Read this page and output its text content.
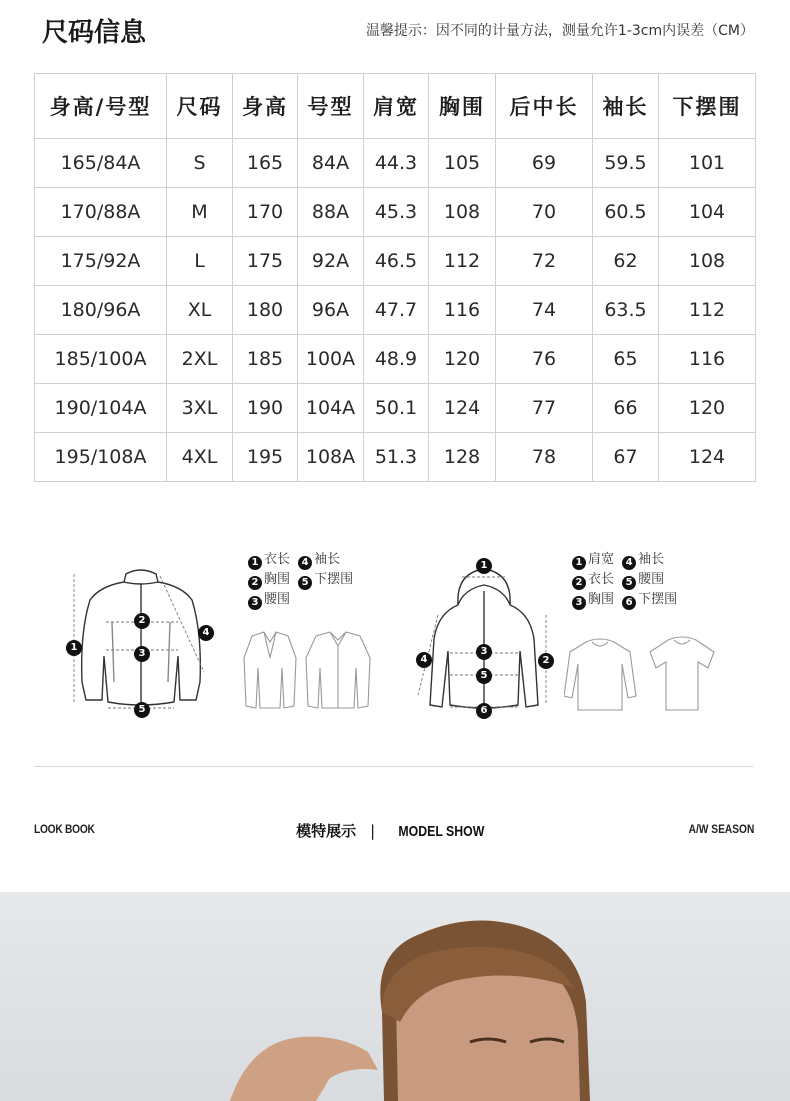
尺码信息	温馨提示：因不同的计量方法，测量允许1-3cm内误差（CM）
身高/号型	尺码	身高	号型	肩宽	胸围	后中长	袖长	下摆围
165/84A	S	165	84A	44.3	105	69	59.5	101
170/88A	M	170	88A	45.3	108	70	60.5	104
175/92A	L	175	92A	46.5	112	72	62	108
180/96A	XL	180	96A	47.7	116	74	63.5	112
185/100A	2XL	185	100A	48.9	120	76	65	116
190/104A	3XL	190	104A	50.1	124	77	66	120
195/108A	4XL	195	108A	51.3	128	78	67	124
1
2
3
4
5
1 衣长 4 袖长
2 胸围 5 下摆围
3 腰围
1
2
3
4
5
6
1 肩宽 4 袖长
2 衣长 5 腰围
3 胸围 6 下摆围
LOOK BOOK	模特展示 | MODEL SHOW	A/W SEASON
